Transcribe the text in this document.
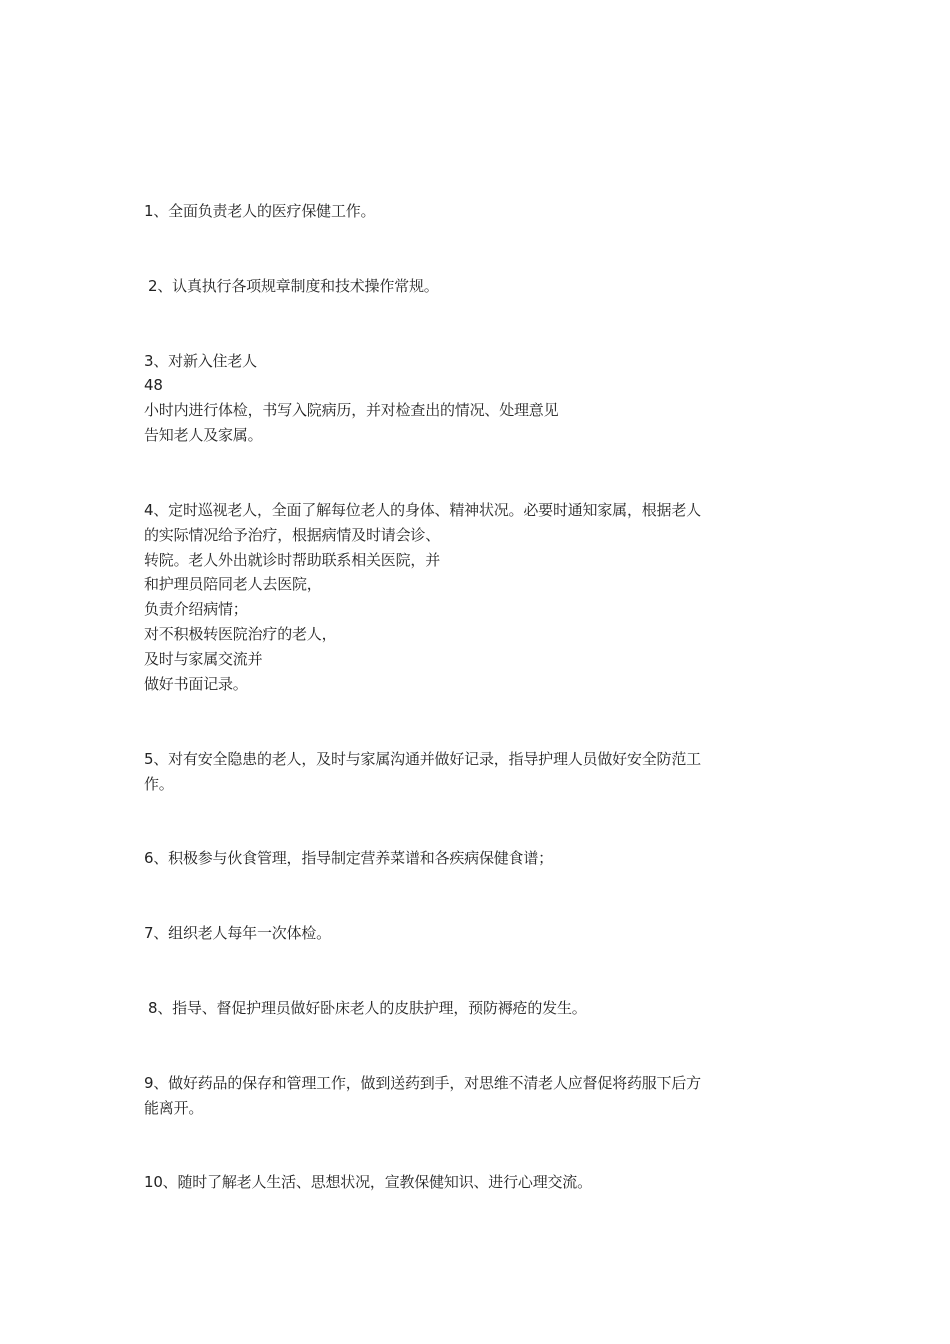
1、全面负责老人的医疗保健工作。
2、认真执行各项规章制度和技术操作常规。
3、对新入住老人
48
小时内进行体检，书写入院病历，并对检查出的情况、处理意见
告知老人及家属。
4、定时巡视老人，全面了解每位老人的身体、精神状况。必要时通知家属，根据老人
的实际情况给予治疗，根据病情及时请会诊、
转院。老人外出就诊时帮助联系相关医院，并
和护理员陪同老人去医院，
负责介绍病情；
对不积极转医院治疗的老人，
及时与家属交流并
做好书面记录。
5、对有安全隐患的老人，及时与家属沟通并做好记录，指导护理人员做好安全防范工
作。
6、积极参与伙食管理，指导制定营养菜谱和各疾病保健食谱；
7、组织老人每年一次体检。
8、指导、督促护理员做好卧床老人的皮肤护理，预防褥疮的发生。
9、做好药品的保存和管理工作，做到送药到手，对思维不清老人应督促将药服下后方
能离开。
10、随时了解老人生活、思想状况，宣教保健知识、进行心理交流。
